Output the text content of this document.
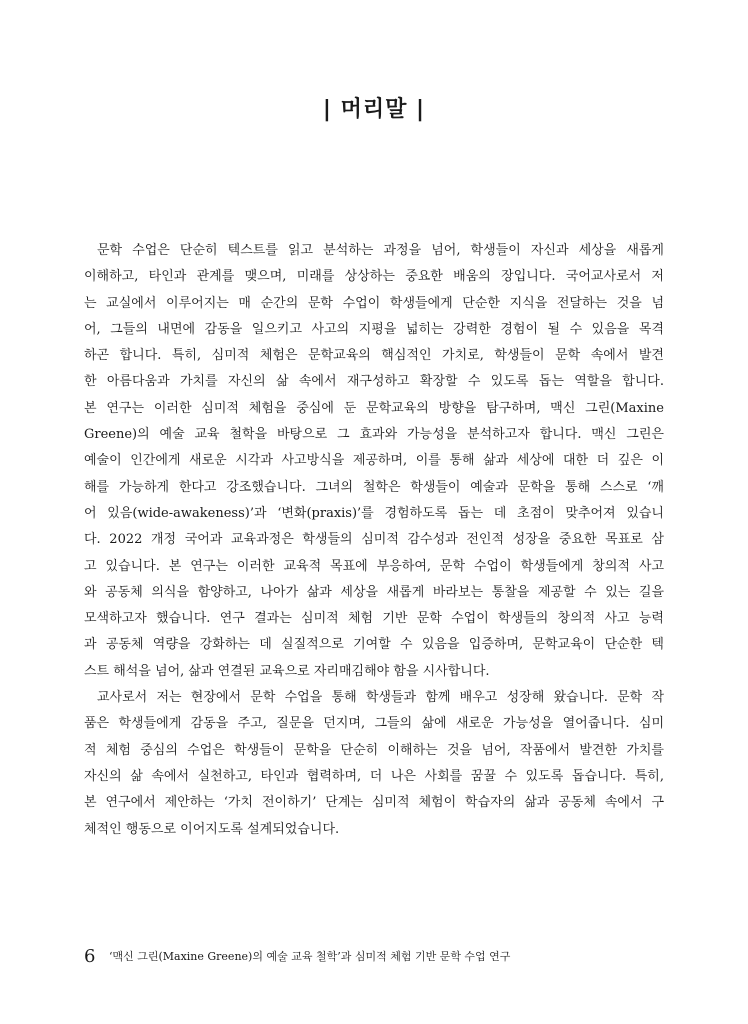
| 머리말 |
문학 수업은 단순히 텍스트를 읽고 분석하는 과정을 넘어, 학생들이 자신과 세상을 새롭게
이해하고, 타인과 관계를 맺으며, 미래를 상상하는 중요한 배움의 장입니다. 국어교사로서 저
는 교실에서 이루어지는 매 순간의 문학 수업이 학생들에게 단순한 지식을 전달하는 것을 넘
어, 그들의 내면에 감동을 일으키고 사고의 지평을 넓히는 강력한 경험이 될 수 있음을 목격
하곤 합니다. 특히, 심미적 체험은 문학교육의 핵심적인 가치로, 학생들이 문학 속에서 발견
한 아름다움과 가치를 자신의 삶 속에서 재구성하고 확장할 수 있도록 돕는 역할을 합니다.
본 연구는 이러한 심미적 체험을 중심에 둔 문학교육의 방향을 탐구하며, 맥신 그린(Maxine
Greene)의 예술 교육 철학을 바탕으로 그 효과와 가능성을 분석하고자 합니다. 맥신 그린은
예술이 인간에게 새로운 시각과 사고방식을 제공하며, 이를 통해 삶과 세상에 대한 더 깊은 이
해를 가능하게 한다고 강조했습니다. 그녀의 철학은 학생들이 예술과 문학을 통해 스스로 ‘깨
어 있음(wide-awakeness)’과 ‘변화(praxis)’를 경험하도록 돕는 데 초점이 맞추어져 있습니
다. 2022 개정 국어과 교육과정은 학생들의 심미적 감수성과 전인적 성장을 중요한 목표로 삼
고 있습니다. 본 연구는 이러한 교육적 목표에 부응하여, 문학 수업이 학생들에게 창의적 사고
와 공동체 의식을 함양하고, 나아가 삶과 세상을 새롭게 바라보는 통찰을 제공할 수 있는 길을
모색하고자 했습니다. 연구 결과는 심미적 체험 기반 문학 수업이 학생들의 창의적 사고 능력
과 공동체 역량을 강화하는 데 실질적으로 기여할 수 있음을 입증하며, 문학교육이 단순한 텍
스트 해석을 넘어, 삶과 연결된 교육으로 자리매김해야 함을 시사합니다.
교사로서 저는 현장에서 문학 수업을 통해 학생들과 함께 배우고 성장해 왔습니다. 문학 작
품은 학생들에게 감동을 주고, 질문을 던지며, 그들의 삶에 새로운 가능성을 열어줍니다. 심미
적 체험 중심의 수업은 학생들이 문학을 단순히 이해하는 것을 넘어, 작품에서 발견한 가치를
자신의 삶 속에서 실천하고, 타인과 협력하며, 더 나은 사회를 꿈꿀 수 있도록 돕습니다. 특히,
본 연구에서 제안하는 ‘가치 전이하기’ 단계는 심미적 체험이 학습자의 삶과 공동체 속에서 구
체적인 행동으로 이어지도록 설계되었습니다.
6 ‘맥신 그린(Maxine Greene)의 예술 교육 철학’과 심미적 체험 기반 문학 수업 연구
